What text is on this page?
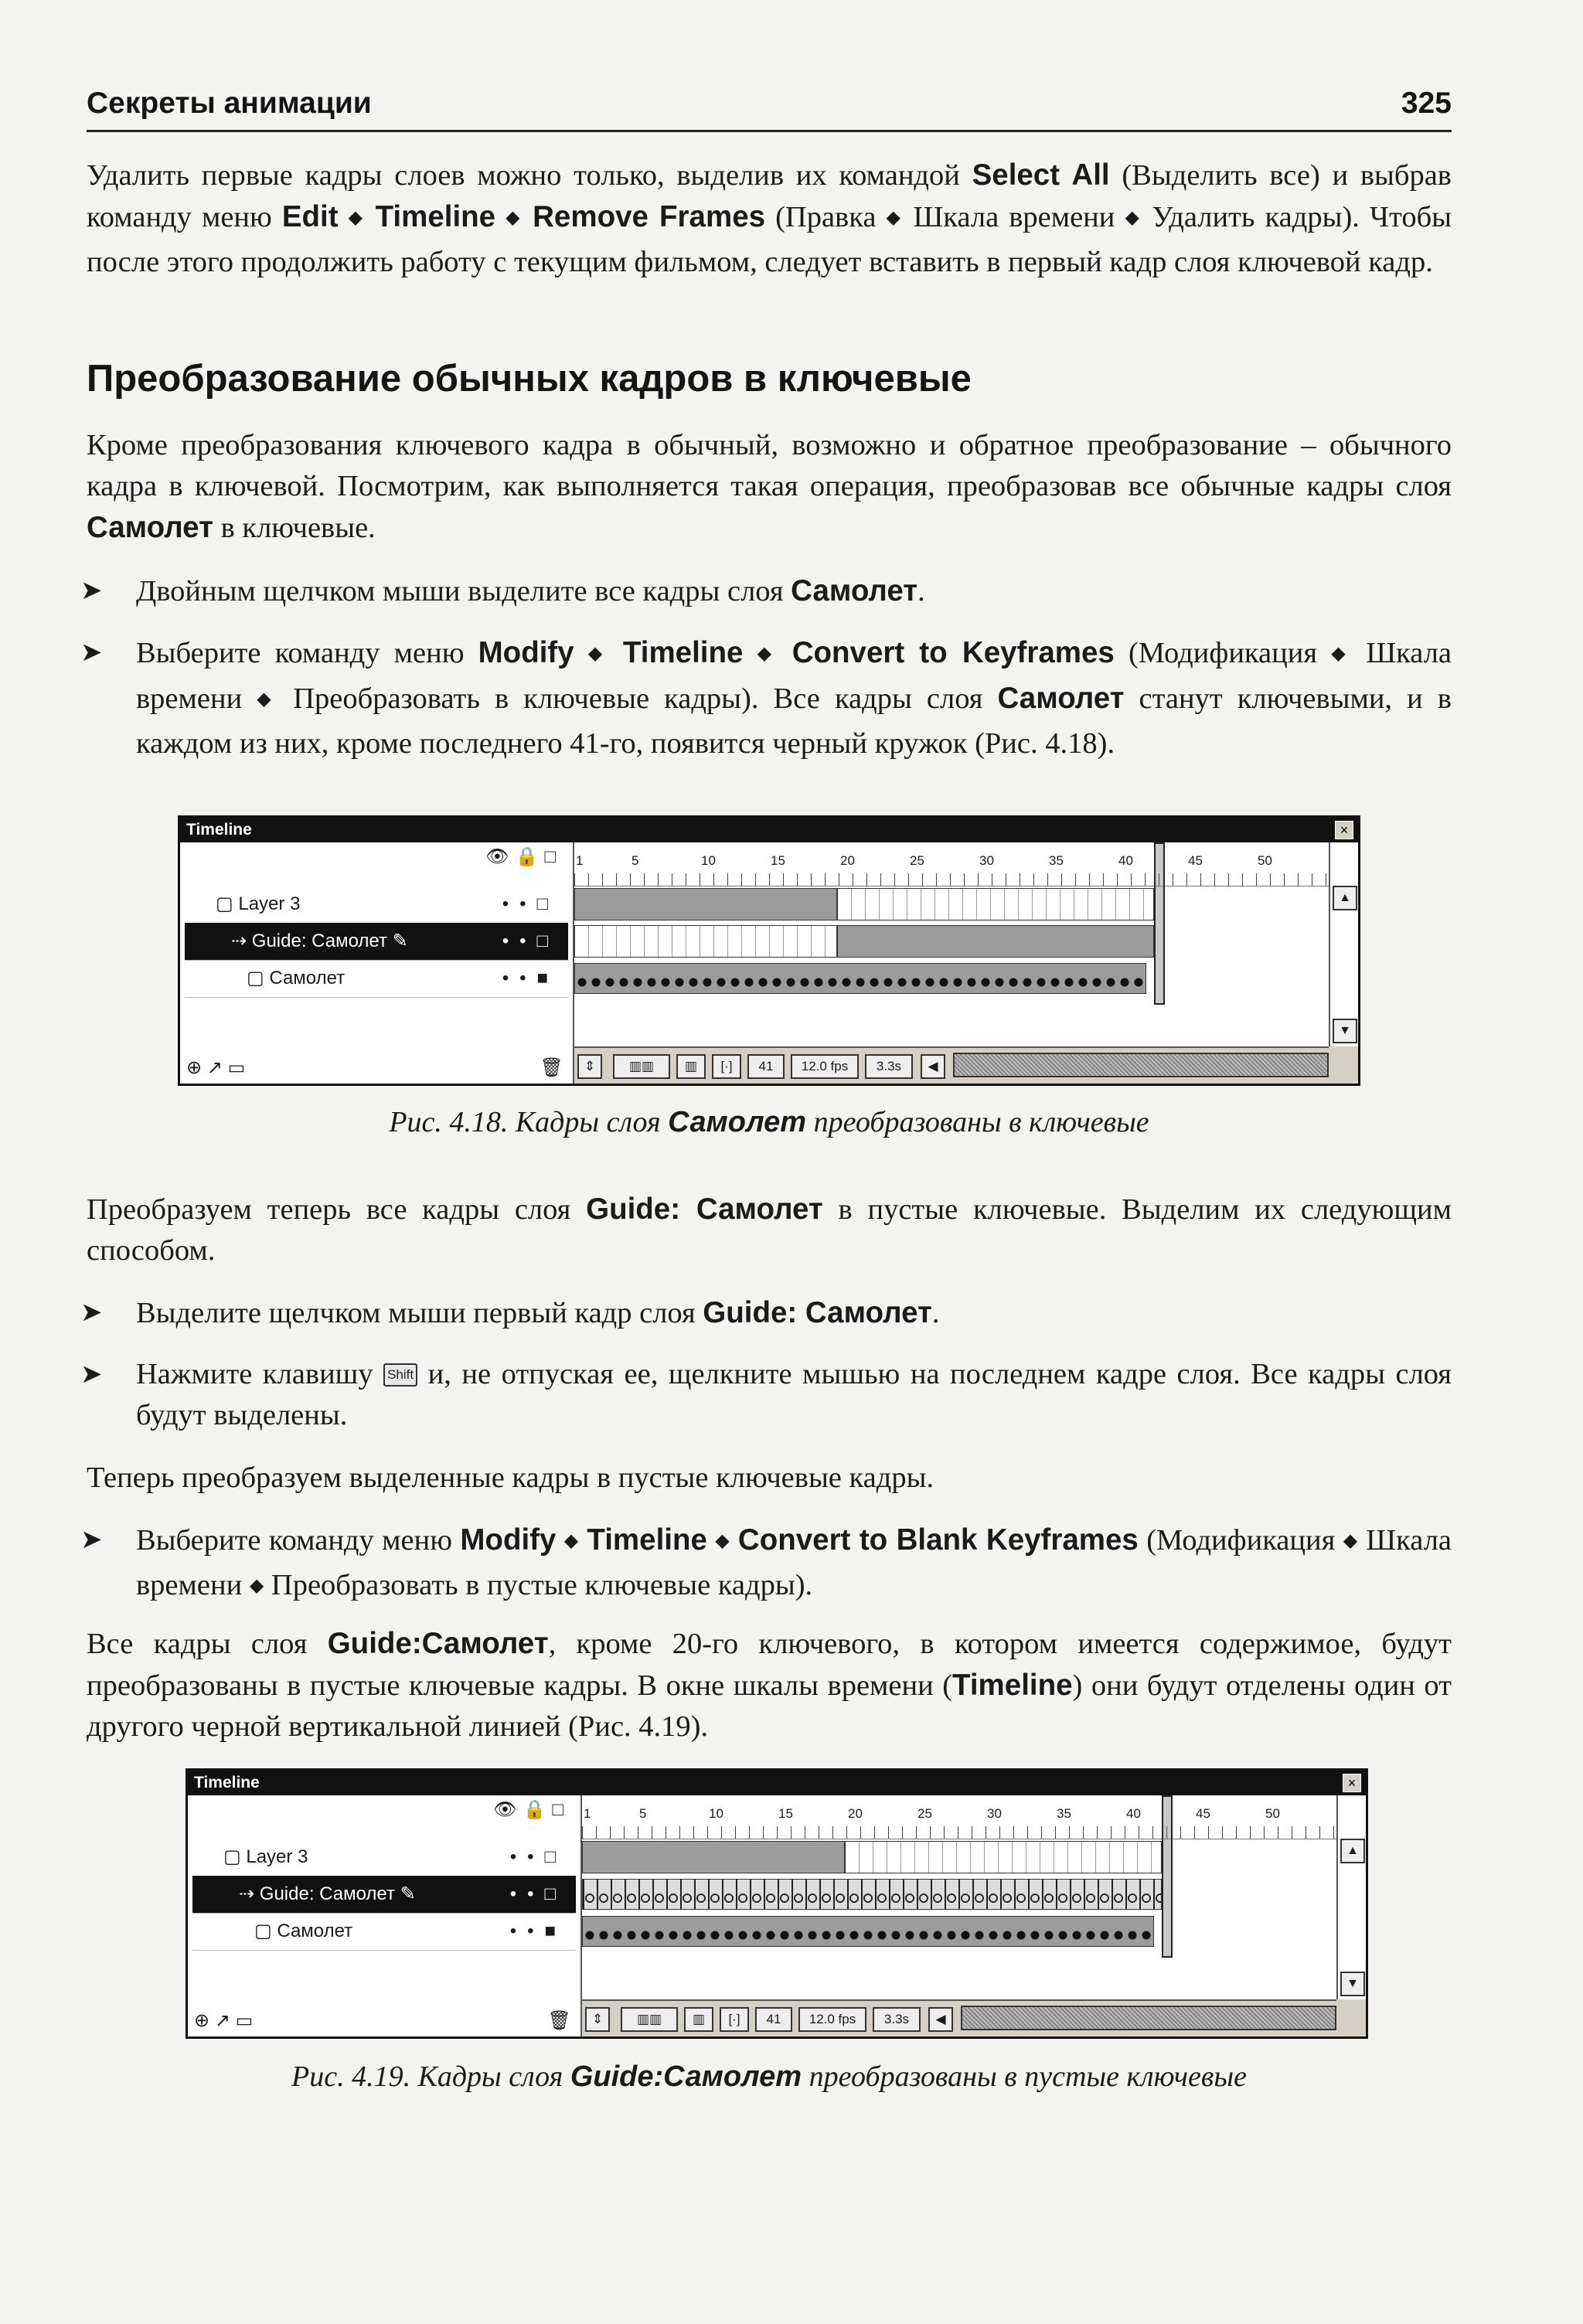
Секреты анимации	325
Удалить первые кадры слоев можно только, выделив их командой Select All (Выделить все) и выбрав команду меню Edit ◆ Timeline ◆ Remove Frames (Правка ◆ Шкала времени ◆ Удалить кадры). Чтобы после этого продолжить работу с текущим фильмом, следует вставить в первый кадр слоя ключевой кадр.
Преобразование обычных кадров в ключевые
Кроме преобразования ключевого кадра в обычный, возможно и обратное преобразование – обычного кадра в ключевой. Посмотрим, как выполняется такая операция, преобразовав все обычные кадры слоя Самолет в ключевые.
➤	Двойным щелчком мыши выделите все кадры слоя Самолет.
➤	Выберите команду меню Modify ◆ Timeline ◆ Convert to Keyframes (Модификация ◆ Шкала времени ◆ Преобразовать в ключевые кадры). Все кадры слоя Самолет станут ключевыми, и в каждом из них, кроме последнего 41-го, появится черный кружок (Рис. 4.18).
Timeline	×
👁🔒□
▢ Layer 3	••□
⇢ Guide: Самолет ✎	••□
▢ Самолет	••■
⊕ ↗ ▭	🗑
1	5	10	15	20	25	30	35	40	45	50
⇕	▥▥	▥	[·]	41	12.0 fps	3.3s	◀
▲
▼
Рис. 4.18. Кадры слоя Самолет преобразованы в ключевые
Преобразуем теперь все кадры слоя Guide: Самолет в пустые ключевые. Выделим их следующим способом.
➤	Выделите щелчком мыши первый кадр слоя Guide: Самолет.
➤	Нажмите клавишу Shift и, не отпуская ее, щелкните мышью на последнем кадре слоя. Все кадры слоя будут выделены.
Теперь преобразуем выделенные кадры в пустые ключевые кадры.
➤	Выберите команду меню Modify ◆ Timeline ◆ Convert to Blank Keyframes (Модификация ◆ Шкала времени ◆ Преобразовать в пустые ключевые кадры).
Все кадры слоя Guide:Самолет, кроме 20-го ключевого, в котором имеется содержимое, будут преобразованы в пустые ключевые кадры. В окне шкалы времени (Timeline) они будут отделены один от другого черной вертикальной линией (Рис. 4.19).
Timeline	×
👁🔒□
▢ Layer 3	••□
⇢ Guide: Самолет ✎	••□
▢ Самолет	••■
⊕ ↗ ▭	🗑
1	5	10	15	20	25	30	35	40	45	50
⇕	▥▥	▥	[·]	41	12.0 fps	3.3s	◀
▲
▼
Рис. 4.19. Кадры слоя Guide:Самолет преобразованы в пустые ключевые
